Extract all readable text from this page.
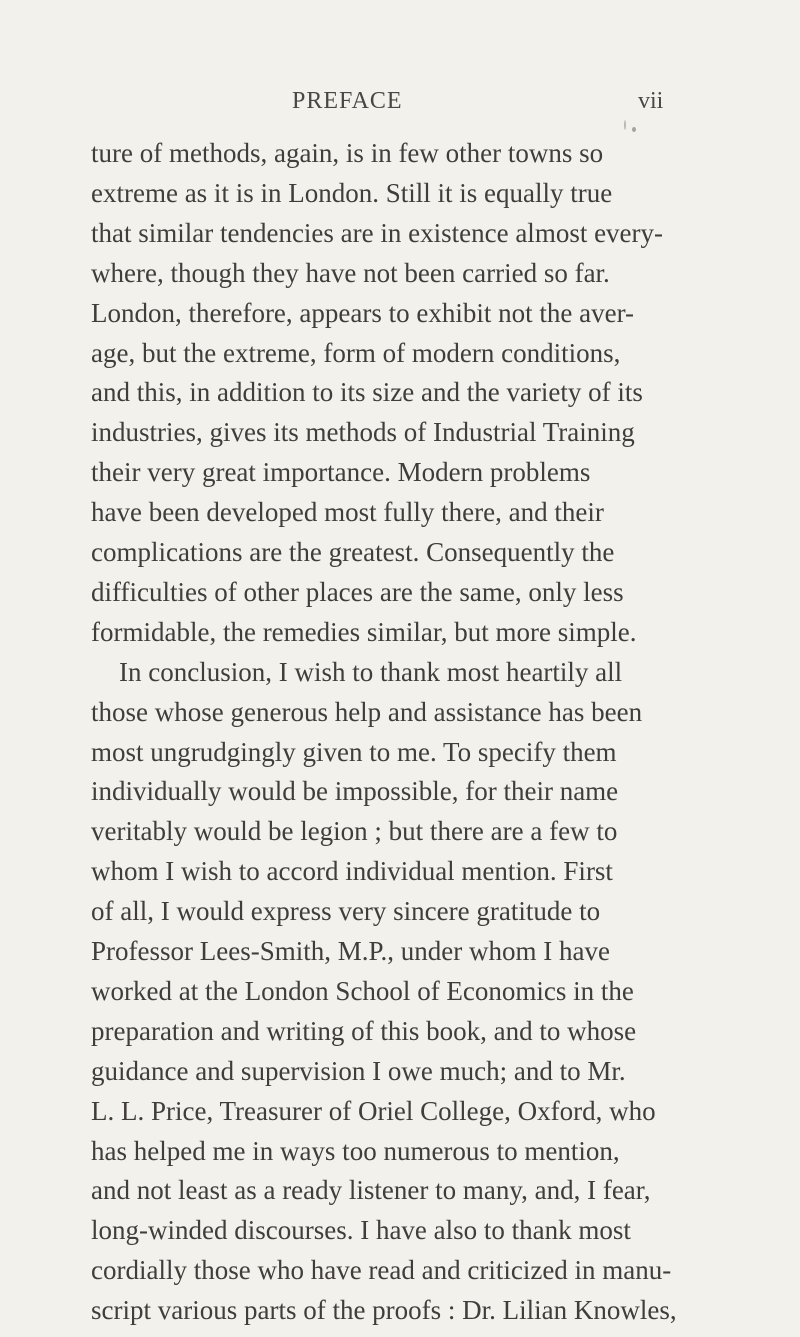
PREFACE	vii
ture of methods, again, is in few other towns so
extreme as it is in London. Still it is equally true
that similar tendencies are in existence almost every-
where, though they have not been carried so far.
London, therefore, appears to exhibit not the aver-
age, but the extreme, form of modern conditions,
and this, in addition to its size and the variety of its
industries, gives its methods of Industrial Training
their very great importance. Modern problems
have been developed most fully there, and their
complications are the greatest. Consequently the
difficulties of other places are the same, only less
formidable, the remedies similar, but more simple.
In conclusion, I wish to thank most heartily all
those whose generous help and assistance has been
most ungrudgingly given to me. To specify them
individually would be impossible, for their name
veritably would be legion ; but there are a few to
whom I wish to accord individual mention. First
of all, I would express very sincere gratitude to
Professor Lees-Smith, M.P., under whom I have
worked at the London School of Economics in the
preparation and writing of this book, and to whose
guidance and supervision I owe much; and to Mr.
L. L. Price, Treasurer of Oriel College, Oxford, who
has helped me in ways too numerous to mention,
and not least as a ready listener to many, and, I fear,
long-winded discourses. I have also to thank most
cordially those who have read and criticized in manu-
script various parts of the proofs : Dr. Lilian Knowles,
